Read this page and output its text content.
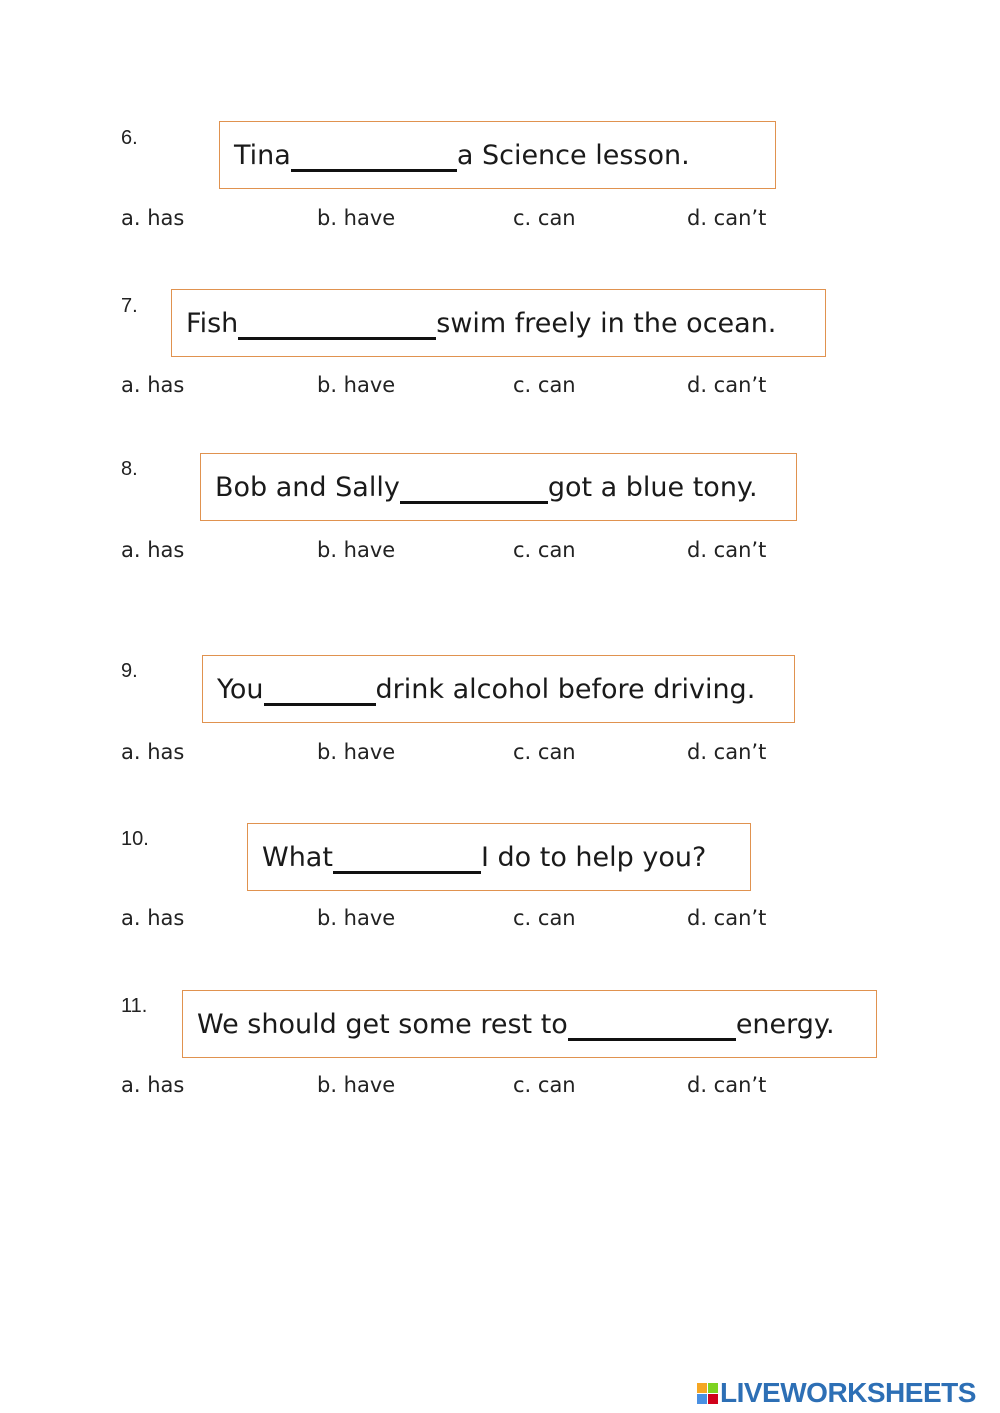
6.
Tina	a Science lesson.
a. has	b. have	c. can	d. can’t
7.
Fish	swim freely in the ocean.
a. has	b. have	c. can	d. can’t
8.
Bob and Sally	got a blue tony.
a. has	b. have	c. can	d. can’t
9.
You	drink alcohol before driving.
a. has	b. have	c. can	d. can’t
10.
What	I do to help you?
a. has	b. have	c. can	d. can’t
11.
We should get some rest to	energy.
a. has	b. have	c. can	d. can’t
LIVEWORKSHEETS
